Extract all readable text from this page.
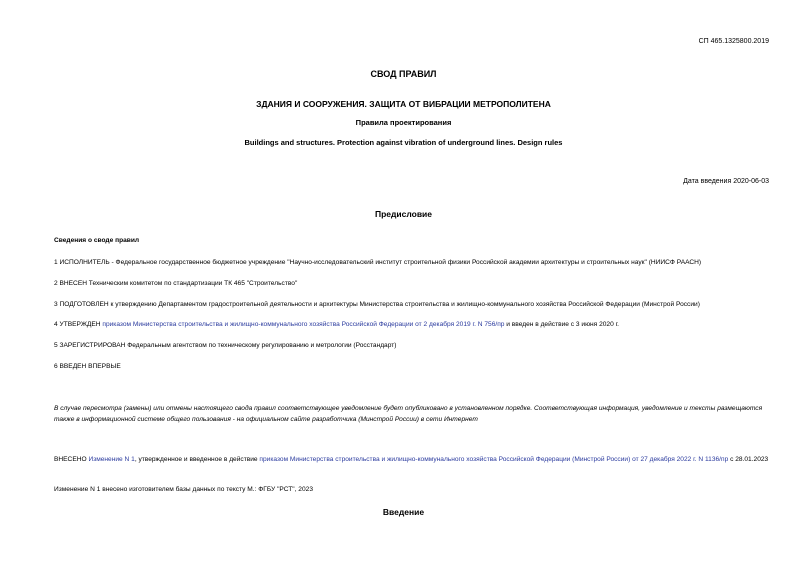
СП 465.1325800.2019
СВОД ПРАВИЛ
ЗДАНИЯ И СООРУЖЕНИЯ. ЗАЩИТА ОТ ВИБРАЦИИ МЕТРОПОЛИТЕНА
Правила проектирования
Buildings and structures. Protection against vibration of underground lines. Design rules
Дата введения 2020-06-03
Предисловие
Сведения о своде правил
1 ИСПОЛНИТЕЛЬ - Федеральное государственное бюджетное учреждение "Научно-исследовательский институт строительной физики Российской академии архитектуры и строительных наук" (НИИСФ РААСН)
2 ВНЕСЕН Техническим комитетом по стандартизации ТК 465 "Строительство"
3 ПОДГОТОВЛЕН к утверждению Департаментом градостроительной деятельности и архитектуры Министерства строительства и жилищно-коммунального хозяйства Российской Федерации (Минстрой России)
4 УТВЕРЖДЕН приказом Министерства строительства и жилищно-коммунального хозяйства Российской Федерации от 2 декабря 2019 г. N 756/пр и введен в действие с 3 июня 2020 г.
5 ЗАРЕГИСТРИРОВАН Федеральным агентством по техническому регулированию и метрологии (Росстандарт)
6 ВВЕДЕН ВПЕРВЫЕ
В случае пересмотра (замены) или отмены настоящего свода правил соответствующее уведомление будет опубликовано в установленном порядке. Соответствующая информация, уведомление и тексты размещаются также в информационной системе общего пользования - на официальном сайте разработчика (Минстрой России) в сети Интернет
ВНЕСЕНО Изменение N 1, утвержденное и введенное в действие приказом Министерства строительства и жилищно-коммунального хозяйства Российской Федерации (Минстрой России) от 27 декабря 2022 г. N 1136/пр с 28.01.2023
Изменение N 1 внесено изготовителем базы данных по тексту М.: ФГБУ "РСТ", 2023
Введение
